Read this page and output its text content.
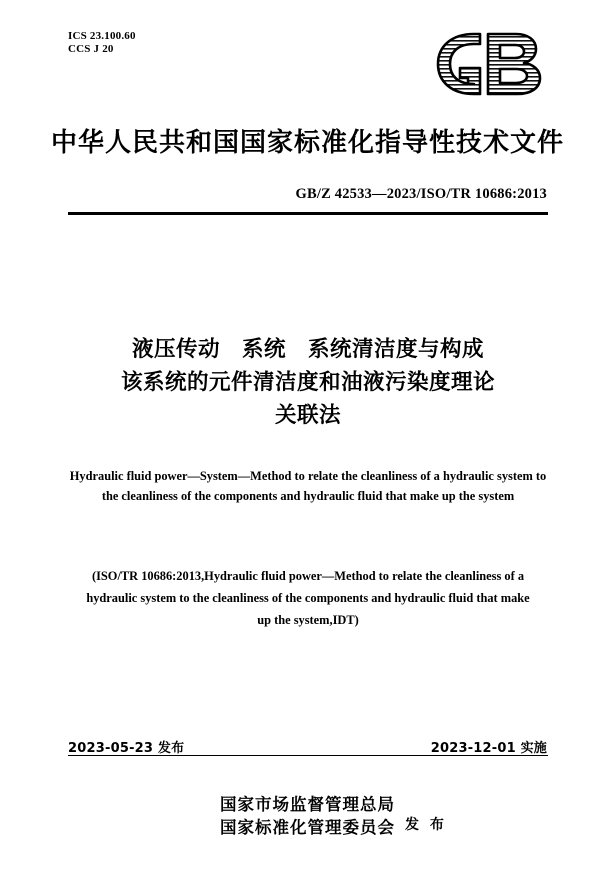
ICS 23.100.60
CCS J 20
中华人民共和国国家标准化指导性技术文件
GB/Z 42533—2023/ISO/TR 10686:2013
液压传动　系统　系统清洁度与构成
该系统的元件清洁度和油液污染度理论
关联法
Hydraulic fluid power—System—Method to relate the cleanliness of a hydraulic system to the cleanliness of the components and hydraulic fluid that make up the system
(ISO/TR 10686:2013,Hydraulic fluid power—Method to relate the cleanliness of a hydraulic system to the cleanliness of the components and hydraulic fluid that make up the system,IDT)
2023-05-23 发布	2023-12-01 实施
国家市场监督管理总局
国家标准化管理委员会 发 布
